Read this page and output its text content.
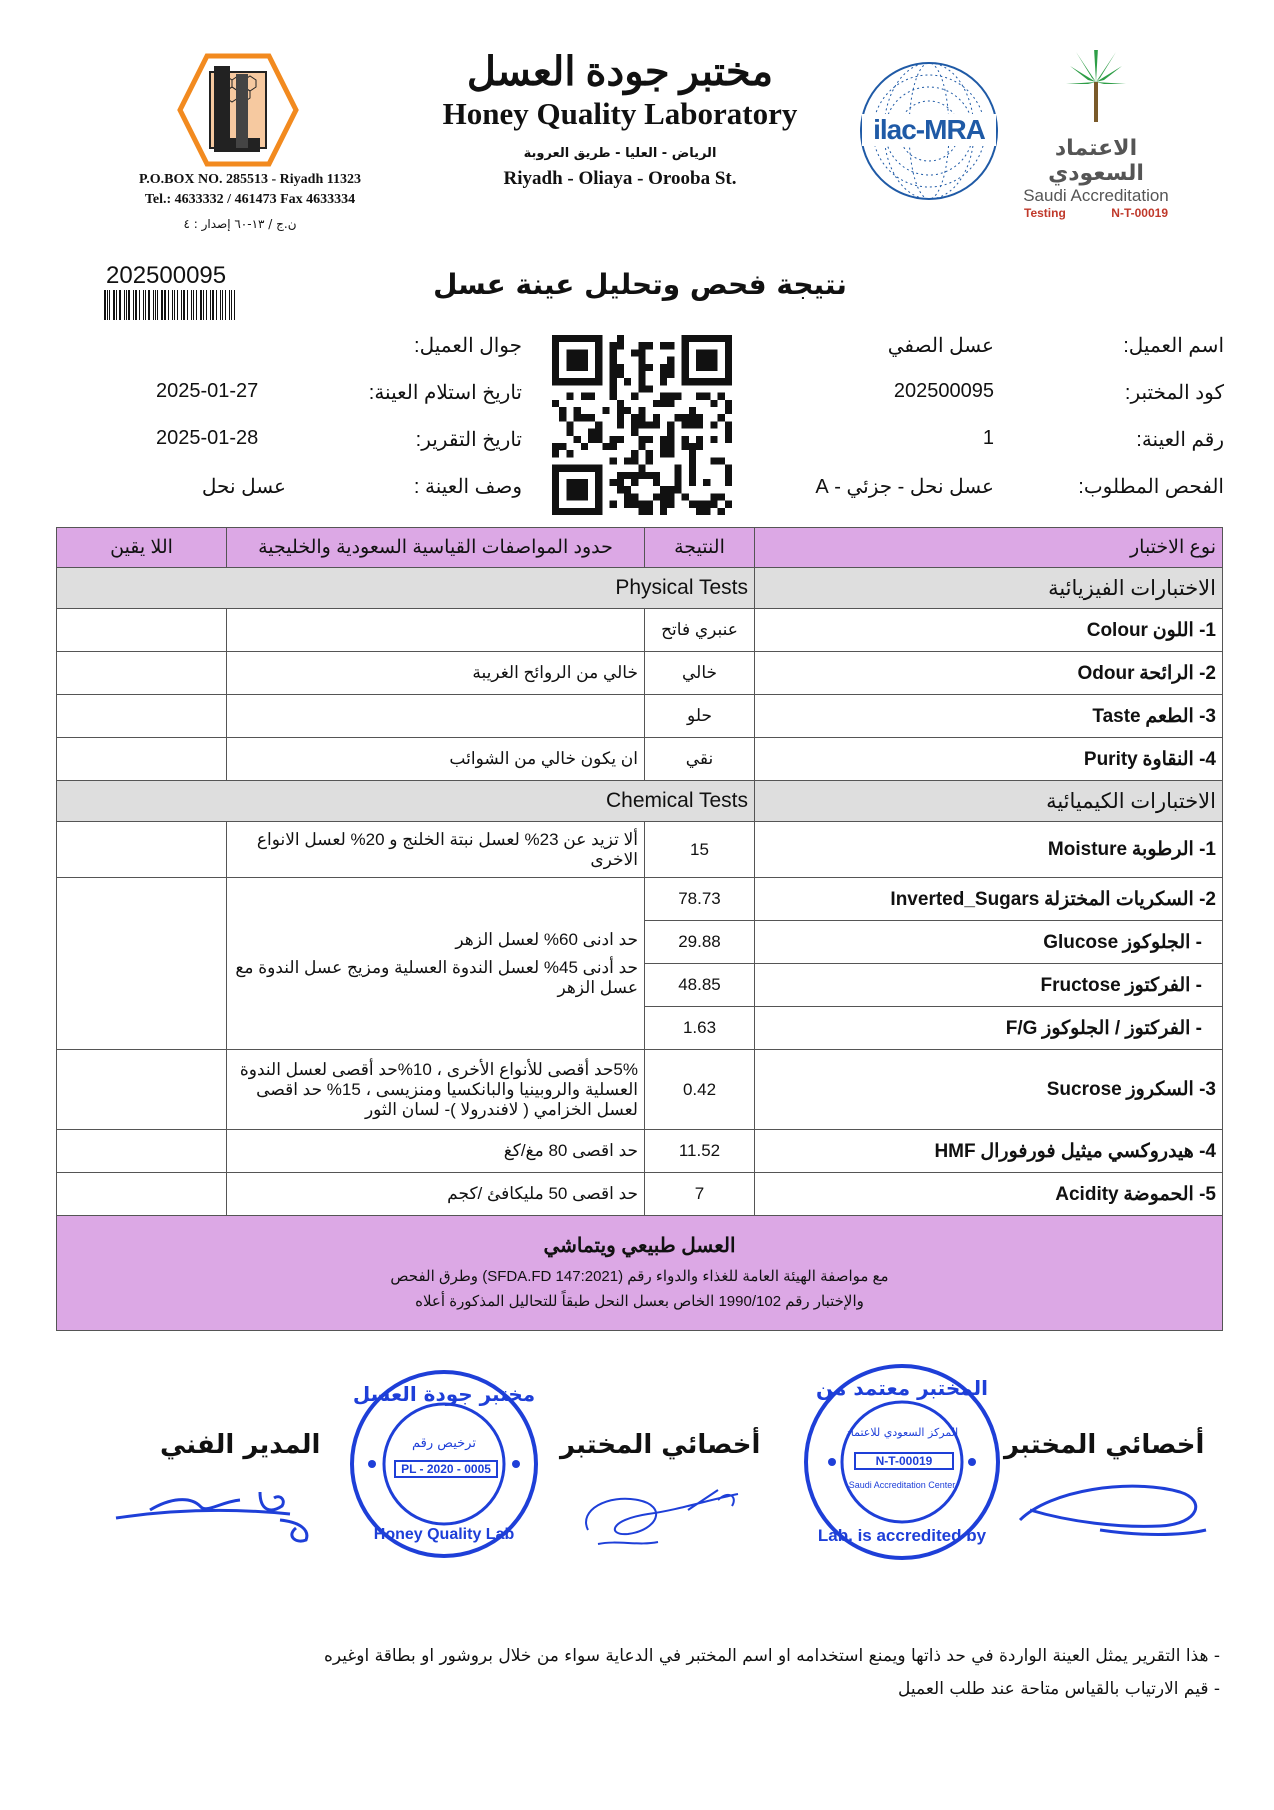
مختبر جودة العسل
Honey Quality Laboratory
الرياض - العليا - طريق العروبة
Riyadh - Oliaya - Orooba St.
P.O.BOX NO. 285513 - Riyadh 11323
Tel.: 4633332 / 461473 Fax 4633334
ن.ج / ١٣-٦٠ إصدار : ٤
ilac-MRA
الاعتماد السعودي
Saudi Accreditation
Testing	N-T-00019
202500095	نتيجة فحص وتحليل عينة عسل
اسم العميل:
عسل الصفي
جوال العميل:
كود المختبر:
202500095
تاريخ استلام العينة:
2025-01-27
رقم العينة:
1
تاريخ التقرير:
2025-01-28
الفحص المطلوب:
عسل نحل - جزئي - A
وصف العينة :
عسل نحل
نوع الاختبار	النتيجة	حدود المواصفات القياسية السعودية والخليجية	اللا يقين
الاختبارات الفيزيائية	Physical Tests		
1- اللون Colour	عنبري فاتح		
2- الرائحة Odour	خالي	خالي من الروائح الغريبة	
3- الطعم Taste	حلو		
4- النقاوة Purity	نقي	ان يكون خالي من الشوائب	
الاختبارات الكيميائية	Chemical Tests		
1- الرطوبة Moisture	15	ألا تزيد عن 23% لعسل نبتة الخلنج و 20% لعسل الانواع الاخرى	
2- السكريات المختزلة Inverted_Sugars	78.73	حد ادنى 60% لعسل الزهر
حد أدنى 45% لعسل الندوة العسلية ومزيج عسل الندوة مع عسل الزهر	

- الجلوكوز Glucose	29.88		
- الفركتوز Fructose	48.85		
- الفركتوز / الجلوكوز F/G	1.63		
3- السكروز Sucrose	0.42	5%حد أقصى للأنواع الأخرى ، 10%حد أقصى لعسل الندوة العسلية والروبينيا والبانكسيا ومنزيسى ، 15% حد اقصى لعسل الخزامي ( لافندرولا )- لسان الثور	
4- هيدروكسي ميثيل فورفورال HMF	11.52	حد اقصى 80 مغ/كغ	
5- الحموضة Acidity	7	حد اقصى 50 مليكافئ /كجم	

العسل طبيعي ويتماشي
مع مواصفة الهيئة العامة للغذاء والدواء رقم (SFDA.FD 147:2021) وطرق الفحص
والإختبار رقم 1990/102 الخاص بعسل النحل طبقاً للتحاليل المذكورة أعلاه			
المدير الفني	أخصائي المختبر	أخصائي المختبر
مختبر جودة العسل
ترخيص رقم
PL - 2020 - 0005
Honey Quality Lab
المختبر معتمد من
المركز السعودي للاعتماد
N-T-00019
Saudi Accreditation Center
Lab. is accredited by
- هذا التقرير يمثل العينة الواردة في حد ذاتها ويمنع استخدامه او اسم المختبر في الدعاية سواء من خلال بروشور او بطاقة اوغيره
- قيم الارتياب بالقياس متاحة عند طلب العميل
